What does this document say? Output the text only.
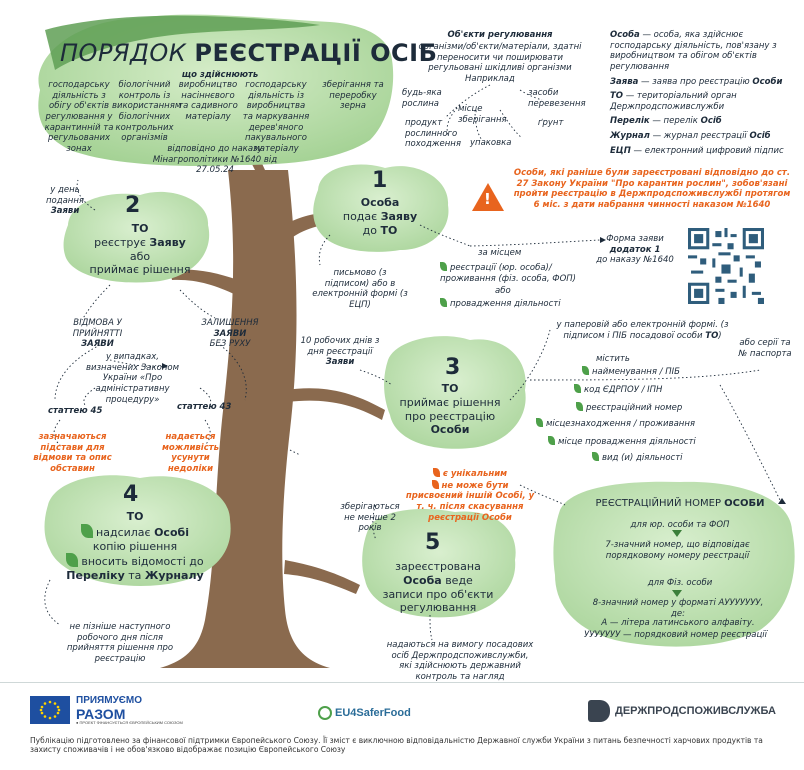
ПОРЯДОК РЕЄСТРАЦІЇ ОСІБ
що здійснюють
господарську діяльність з обігу об'єктів регулювання у карантинній та регульованих зонах
біологічний контроль із використанням біологічних контрольних організмів
виробництво насіннєвого та садивного матеріалу
господарську діяльність із виробництва та маркування дерев'яного пакувального матеріалу
зберігання та переробку зерна
відповідно до наказу Мінагрополітики №1640 від 27.05.24
Об'єкти регулювання
організми/об'єкти/матеріали, здатні переносити чи поширювати регульовані шкідливі організми
Наприклад
будь-яка рослина
продукт рослинного походження
місце зберігання
упаковка
засоби перевезення
ґрунт
Особа — особа, яка здійснює господарську діяльність, пов'язану з виробництвом та обігом об'єктів регулювання
Заява — заява про реєстрацію Особи
ТО — територіальний орган Держпродспоживслужби
Перелік — перелік Осіб
Журнал — журнал реєстрації Осіб
ЕЦП — електронний цифровий підпис
!
Особи, які раніше були зареєстровані відповідно до ст. 27 Закону України "Про карантин рослин", зобов'язані пройти реєстрацію в Держпродспоживслужбі протягом 6 міс. з дати набрання чинності наказом №1640
1
Особа
подає Заяву
до ТО
письмово (з підписом) або в електронній формі (з ЕЦП)
за місцем
реєстрації (юр. особа)/ проживання (фіз. особа, ФОП)
або
провадження діяльності
Форма заяви
додаток 1
до наказу №1640
2
ТО
реєструє Заяву
або
приймає рішення
у день подання
Заяви
ВІДМОВА У ПРИЙНЯТТІ
ЗАЯВИ
ЗАЛИШЕННЯ
ЗАЯВИ
БЕЗ РУХУ
у випадках, визначених Законом України «Про адміністративну процедуру»
статтею 45	статтею 43
зазначаються підстави для відмови та опис обставин
надається можливість усунути недоліки
3
ТО
приймає рішення
про реєстрацію
Особи
10 робочих днів з дня реєстрації Заяви
у паперовій або електронній формі. (з підписом і ПІБ посадової особи ТО)
містить
найменування / ПІБ
код ЄДРПОУ / ІПН
реєстраційний номер
місцезнаходження / проживання
місце провадження діяльності
вид (и) діяльності
або серії та № паспорта
є унікальним
не може бути присвоєний іншій Особі, у т. ч. після скасування реєстрації Особи
4
ТО
надсилає Особі
копію рішення
вносить відомості до
Переліку та Журналу
не пізніше наступного робочого дня після прийняття рішення про реєстрацію
5
зареєстрована
Особа веде
записи про об'єкти регулювання
зберігаються не менше 2 років
надаються на вимогу посадових осіб Держпродспоживслужби, які здійснюють державний контроль та нагляд
РЕЄСТРАЦІЙНИЙ НОМЕР ОСОБИ
для юр. особи та ФОП
7-значний номер, що відповідає порядковому номеру реєстрації
для Фіз. особи
8-значний номер у форматі АУУУУУУУ, де:
А — літера латинського алфавіту.
УУУУУУУ — порядковий номер реєстрації
ПРИЯМУЄМО
РАЗОМ
● ПРОЕКТ ФІНАНСУЄТЬСЯ ЄВРОПЕЙСЬКИМ СОЮЗОМ
EU4SaferFood	ДЕРЖПРОДСПОЖИВСЛУЖБА
Публікацію підготовлено за фінансової підтримки Європейського Союзу. Її зміст є виключною відповідальністю Державної служби України з питань безпечності харчових продуктів та захисту споживачів і не обов'язково відображає позицію Європейського Союзу
